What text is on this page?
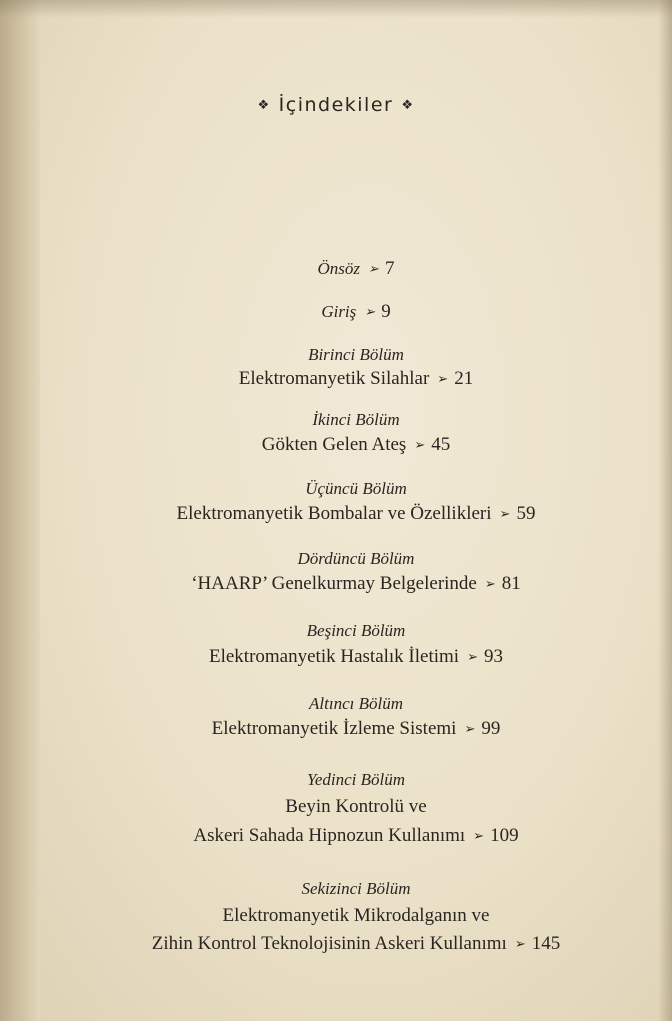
❖ İçindekiler ❖
Önsöz ➢ 7
Giriş ➢ 9
Birinci Bölüm
Elektromanyetik Silahlar ➢ 21
İkinci Bölüm
Gökten Gelen Ateş ➢ 45
Üçüncü Bölüm
Elektromanyetik Bombalar ve Özellikleri ➢ 59
Dördüncü Bölüm
‘HAARP’ Genelkurmay Belgelerinde ➢ 81
Beşinci Bölüm
Elektromanyetik Hastalık İletimi ➢ 93
Altıncı Bölüm
Elektromanyetik İzleme Sistemi ➢ 99
Yedinci Bölüm
Beyin Kontrolü ve
Askeri Sahada Hipnozun Kullanımı ➢ 109
Sekizinci Bölüm
Elektromanyetik Mikrodalganın ve
Zihin Kontrol Teknolojisinin Askeri Kullanımı ➢ 145
